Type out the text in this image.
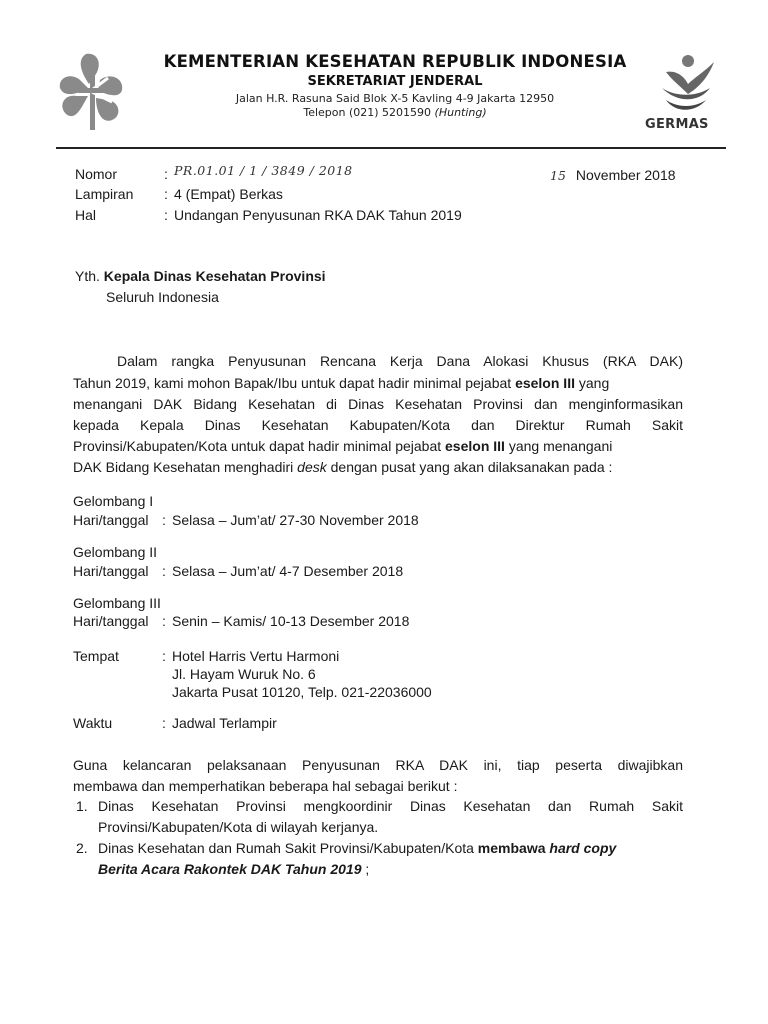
KEMENTERIAN KESEHATAN REPUBLIK INDONESIA
SEKRETARIAT JENDERAL
Jalan H.R. Rasuna Said Blok X-5 Kavling 4-9 Jakarta 12950
Telepon (021) 5201590 (Hunting)
GERMAS
Nomor	: PR.01.01 / 1 / 3849 / 2018	15 November 2018
Lampiran : 4 (Empat) Berkas
Hal	: Undangan Penyusunan RKA DAK Tahun 2019
Yth. Kepala Dinas Kesehatan Provinsi
Seluruh Indonesia
Dalam rangka Penyusunan Rencana Kerja Dana Alokasi Khusus (RKA DAK)
Tahun 2019, kami mohon Bapak/Ibu untuk dapat hadir minimal pejabat eselon III yang
menangani DAK Bidang Kesehatan di Dinas Kesehatan Provinsi dan menginformasikan
kepada Kepala Dinas Kesehatan Kabupaten/Kota dan Direktur Rumah Sakit
Provinsi/Kabupaten/Kota untuk dapat hadir minimal pejabat eselon III yang menangani
DAK Bidang Kesehatan menghadiri desk dengan pusat yang akan dilaksanakan pada :
Gelombang I
Hari/tanggal : Selasa – Jum’at/ 27-30 November 2018
Gelombang II
Hari/tanggal : Selasa – Jum’at/ 4-7 Desember 2018
Gelombang III
Hari/tanggal : Senin – Kamis/ 10-13 Desember 2018
Tempat	: Hotel Harris Vertu Harmoni
Jl. Hayam Wuruk No. 6
Jakarta Pusat 10120, Telp. 021-22036000
Waktu	: Jadwal Terlampir
Guna kelancaran pelaksanaan Penyusunan RKA DAK ini, tiap peserta diwajibkan
membawa dan memperhatikan beberapa hal sebagai berikut :
1. Dinas Kesehatan Provinsi mengkoordinir Dinas Kesehatan dan Rumah Sakit
Provinsi/Kabupaten/Kota di wilayah kerjanya.
2. Dinas Kesehatan dan Rumah Sakit Provinsi/Kabupaten/Kota membawa hard copy
Berita Acara Rakontek DAK Tahun 2019 ;
